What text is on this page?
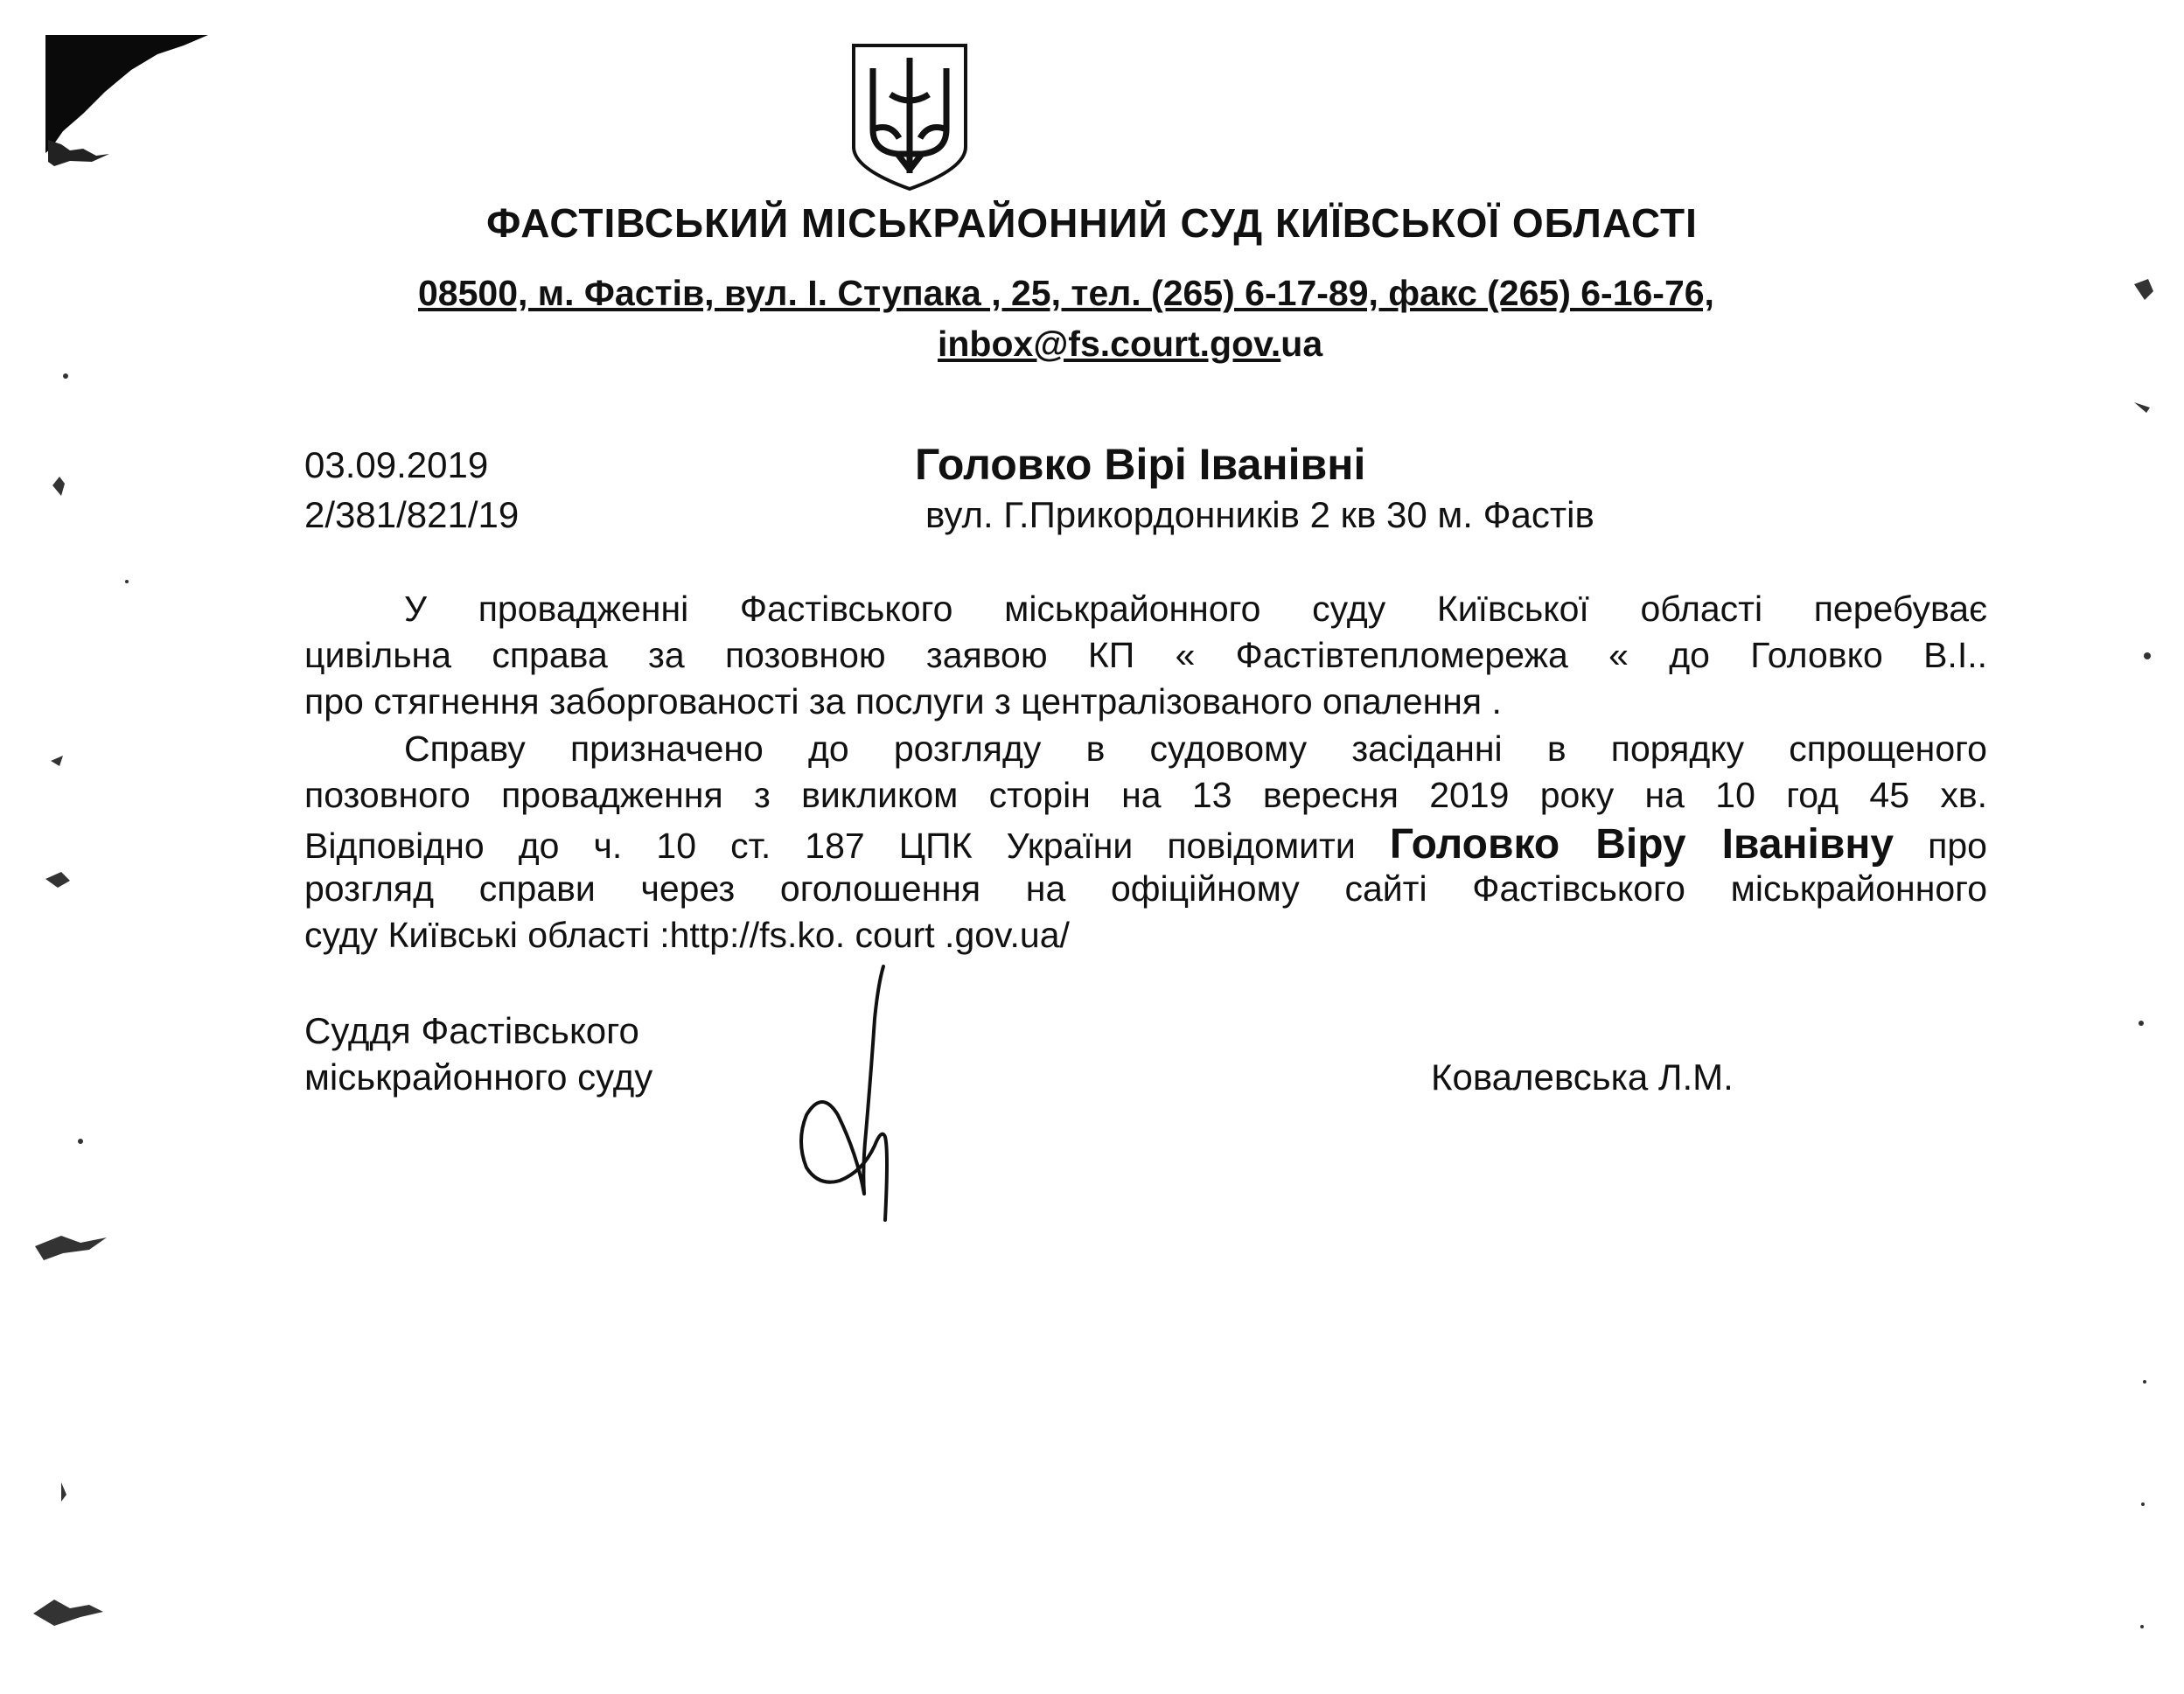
ФАСТІВСЬКИЙ МІСЬКРАЙОННИЙ СУД КИЇВСЬКОЇ ОБЛАСТІ
08500, м. Фастів, вул. І. Ступака , 25, тел. (265) 6-17-89, факс (265) 6-16-76,
inbox@fs.court.gov.ua
03.09.2019
2/381/821/19
Головко Вірі Іванівні
вул. Г.Прикордонників 2 кв 30 м. Фастів
У провадженні Фастівського міськрайонного суду Київської області перебуває
цивільна справа за позовною заявою КП « Фастівтепломережа « до Головко В.І..
про стягнення заборгованості за послуги з централізованого опалення .
Справу призначено до розгляду в судовому засіданні в порядку спрощеного
позовного провадження з викликом сторін на 13 вересня 2019 року на 10 год 45 хв.
Відповідно до ч. 10 ст. 187 ЦПК України повідомити Головко Віру Іванівну про
розгляд справи через оголошення на офіційному сайті Фастівського міськрайонного
суду Київські області :http://fs.ko. court .gov.ua/
Суддя Фастівського
міськрайонного суду	Ковалевська Л.М.
